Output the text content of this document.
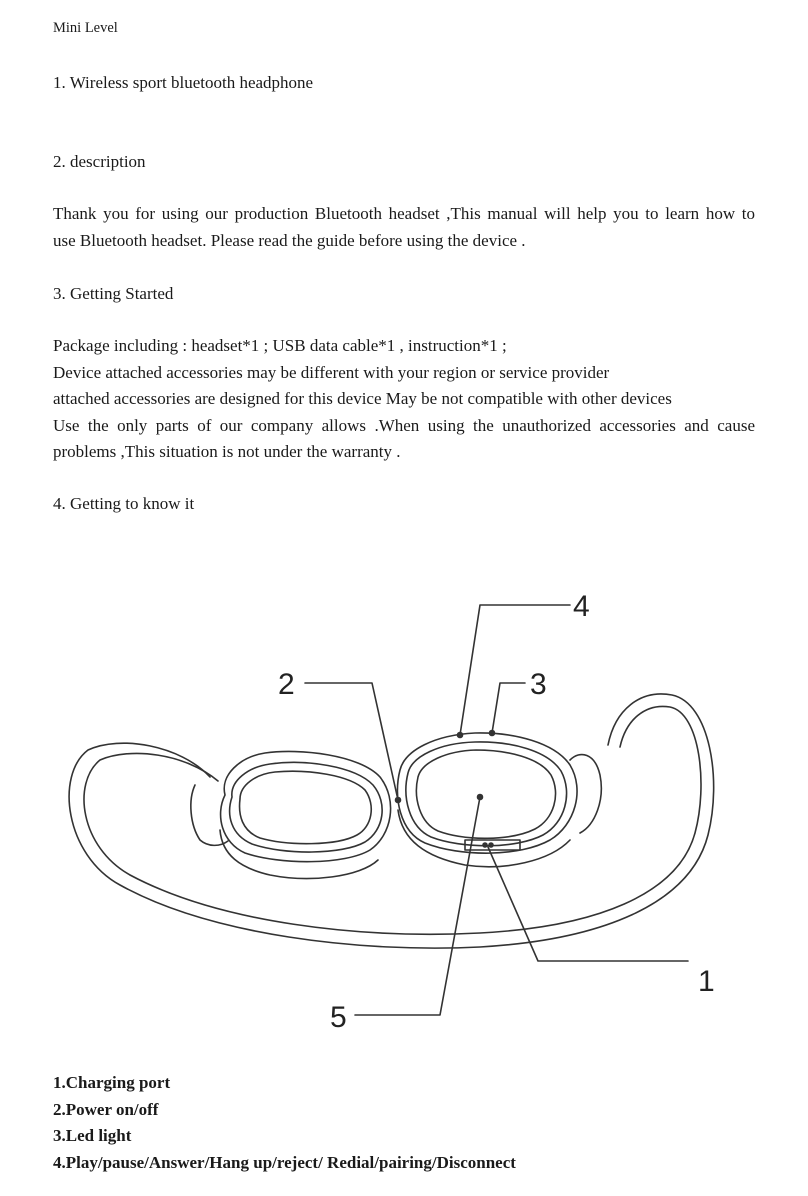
Mini Level
1. Wireless sport bluetooth headphone
2. description
Thank you for using our production Bluetooth headset ,This manual will help you to learn how to
use Bluetooth headset. Please read the guide before using the device .
3. Getting Started
Package including : headset*1 ; USB data cable*1 , instruction*1 ;
Device attached accessories may be different with your region or service provider
attached accessories are designed for this device May be not compatible with other devices
Use the only parts of our company allows .When using the unauthorized accessories and cause
problems ,This situation is not under the warranty .
4. Getting to know it
4
2	3
1
5
1.Charging port
2.Power on/off
3.Led light
4.Play/pause/Answer/Hang up/reject/ Redial/pairing/Disconnect
